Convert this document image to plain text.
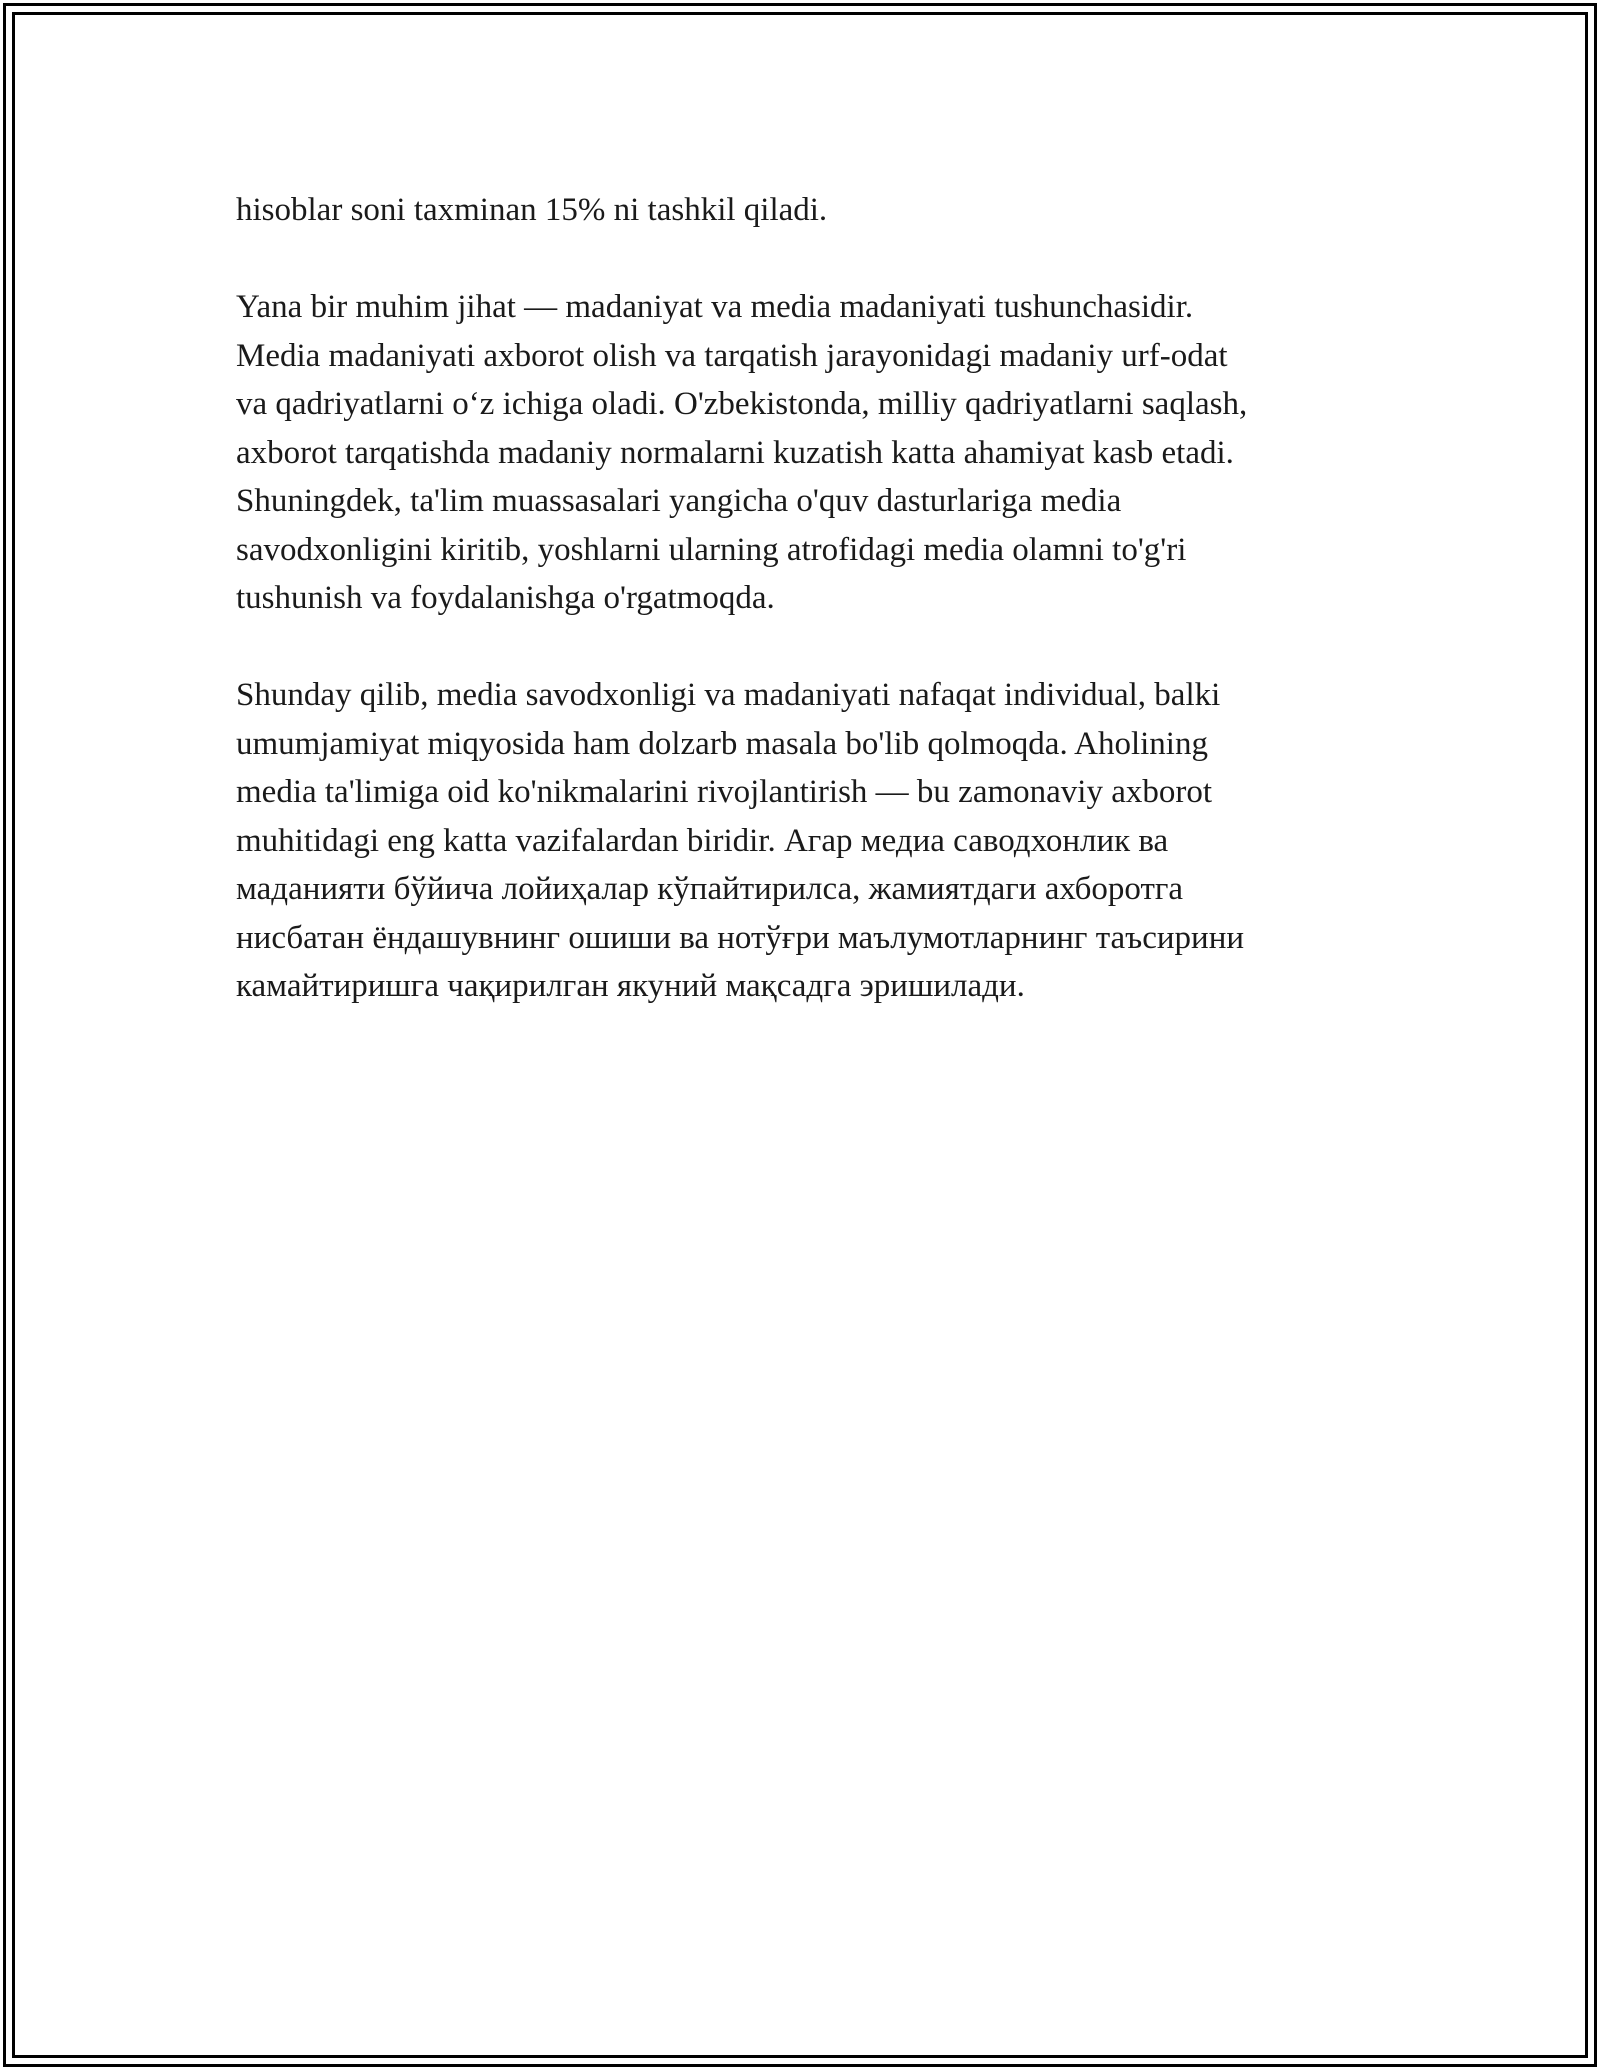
hisoblar soni taxminan 15% ni tashkil qiladi.

Yana bir muhim jihat — madaniyat va media madaniyati tushunchasidir.
Media madaniyati axborot olish va tarqatish jarayonidagi madaniy urf-odat
va qadriyatlarni oʻz ichiga oladi. O'zbekistonda, milliy qadriyatlarni saqlash,
axborot tarqatishda madaniy normalarni kuzatish katta ahamiyat kasb etadi.
Shuningdek, ta'lim muassasalari yangicha o'quv dasturlariga media
savodxonligini kiritib, yoshlarni ularning atrofidagi media olamni to'g'ri
tushunish va foydalanishga o'rgatmoqda.

Shunday qilib, media savodxonligi va madaniyati nafaqat individual, balki
umumjamiyat miqyosida ham dolzarb masala bo'lib qolmoqda. Aholining
media ta'limiga oid ko'nikmalarini rivojlantirish — bu zamonaviy axborot
muhitidagi eng katta vazifalardan biridir. Агар медиа саводхонлик ва
маданияти бўйича лойиҳалар кўпайтирилса, жамиятдаги ахборотга
нисбатан ёндашувнинг ошиши ва нотўғри маълумотларнинг таъсирини
камайтиришга чақирилган якуний мақсадга эришилади.
